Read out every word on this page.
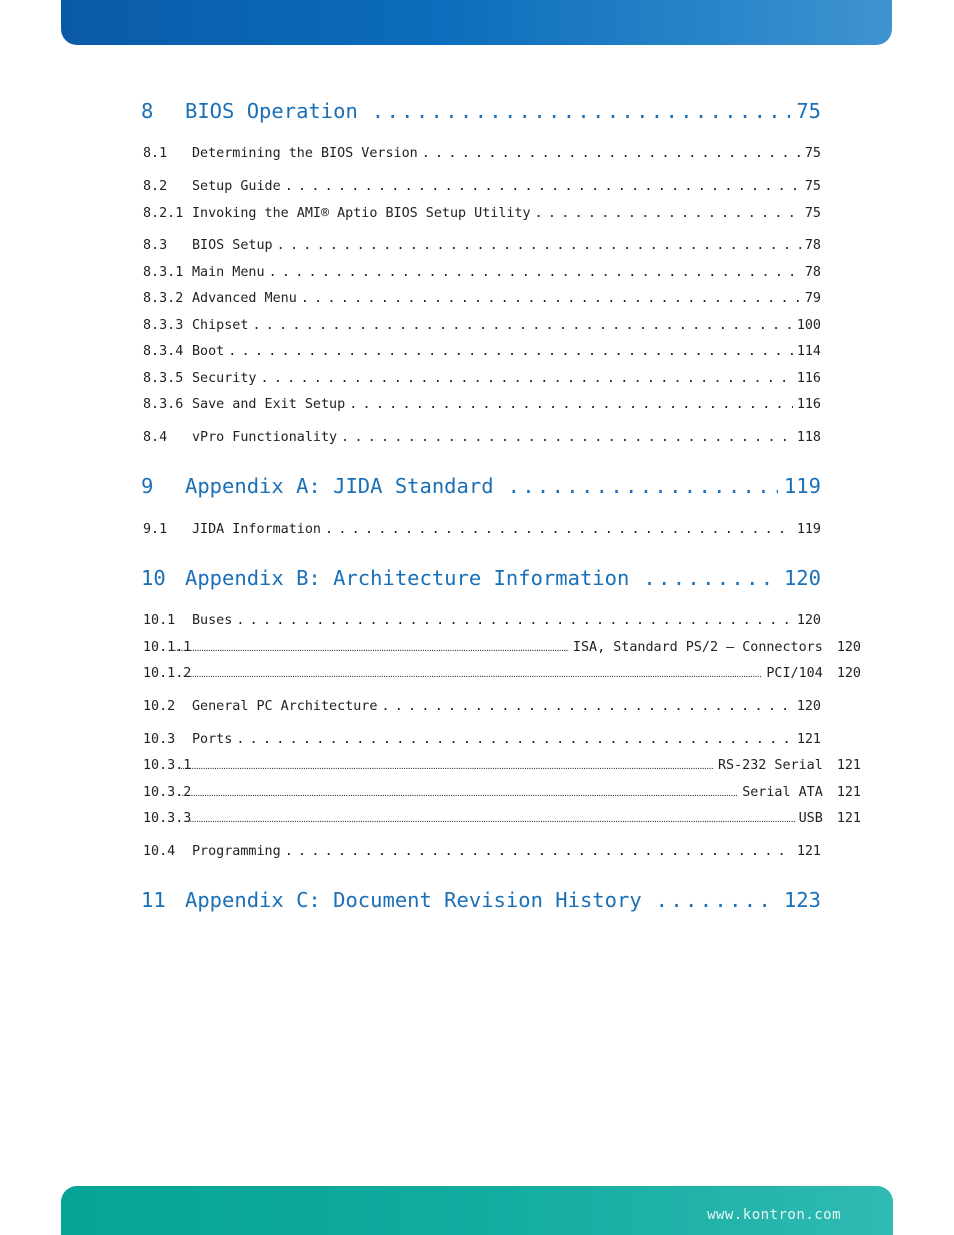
8	BIOS Operation . . .	75
8.1	Determining the BIOS Version . . .	75
8.2	Setup Guide . . .	75
8.2.1 Invoking the AMI® Aptio BIOS Setup Utility . . .	75
8.3	BIOS Setup . . .	78
8.3.1 Main Menu . . .	78
8.3.2 Advanced Menu . . .	79
8.3.3 Chipset . . .	100
8.3.4 Boot . . .	114
8.3.5 Security . . .	116
8.3.6 Save and Exit Setup . . .	116
8.4	vPro Functionality . . .	118
9	Appendix A: JIDA Standard . . .	119
9.1	JIDA Information . . .	119
10 Appendix B: Architecture Information . . .	120
10.1	Buses . . .	120
10.1.1 .....	ISA, Standard PS/2 – Connectors 120
10.1.2 .....	PCI/104 120
10.2	General PC Architecture . . .	120
10.3	Ports . . .	121
10.3.1 .....	RS-232 Serial 121
10.3.2 .....	Serial ATA 121
10.3.3 .....	USB 121
10.4	Programming . . .	121
11 Appendix C: Document Revision History . . .	123
www.kontron.com
